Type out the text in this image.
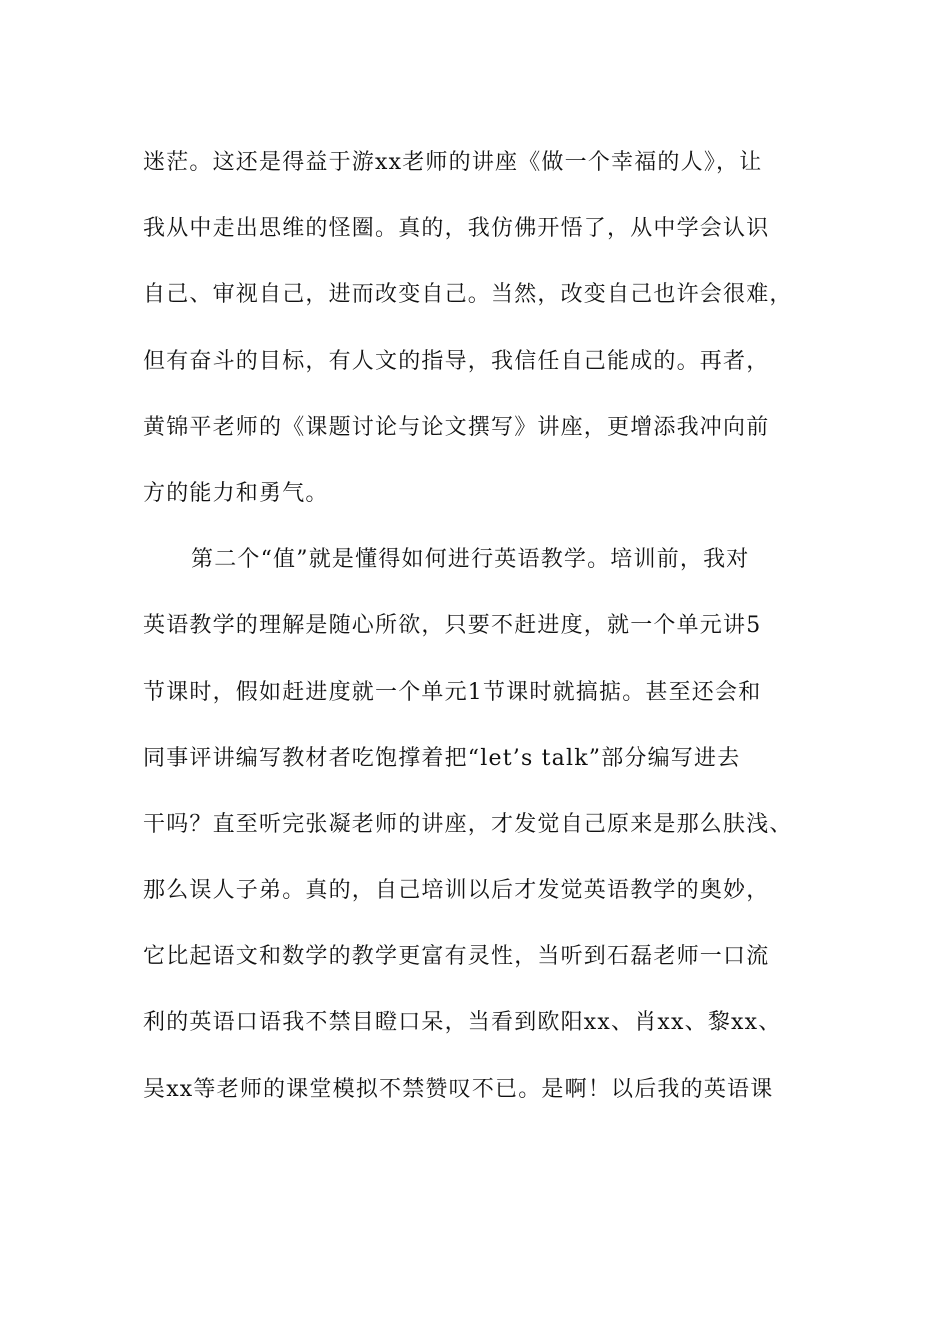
迷茫。这还是得益于游xx老师的讲座《做一个幸福的人》，让
我从中走出思维的怪圈。真的，我仿佛开悟了，从中学会认识
自己、审视自己，进而改变自己。当然，改变自己也许会很难，
但有奋斗的目标，有人文的指导，我信任自己能成的。再者，
黄锦平老师的《课题讨论与论文撰写》讲座，更增添我冲向前
方的能力和勇气。
第二个“值”就是懂得如何进行英语教学。培训前，我对
英语教学的理解是随心所欲，只要不赶进度，就一个单元讲5
节课时，假如赶进度就一个单元1节课时就搞掂。甚至还会和
同事评讲编写教材者吃饱撑着把“let’s talk”部分编写进去
干吗？直至听完张凝老师的讲座，才发觉自己原来是那么肤浅、
那么误人子弟。真的，自己培训以后才发觉英语教学的奥妙，
它比起语文和数学的教学更富有灵性，当听到石磊老师一口流
利的英语口语我不禁目瞪口呆，当看到欧阳xx、肖xx、黎xx、
吴xx等老师的课堂模拟不禁赞叹不已。是啊！以后我的英语课
